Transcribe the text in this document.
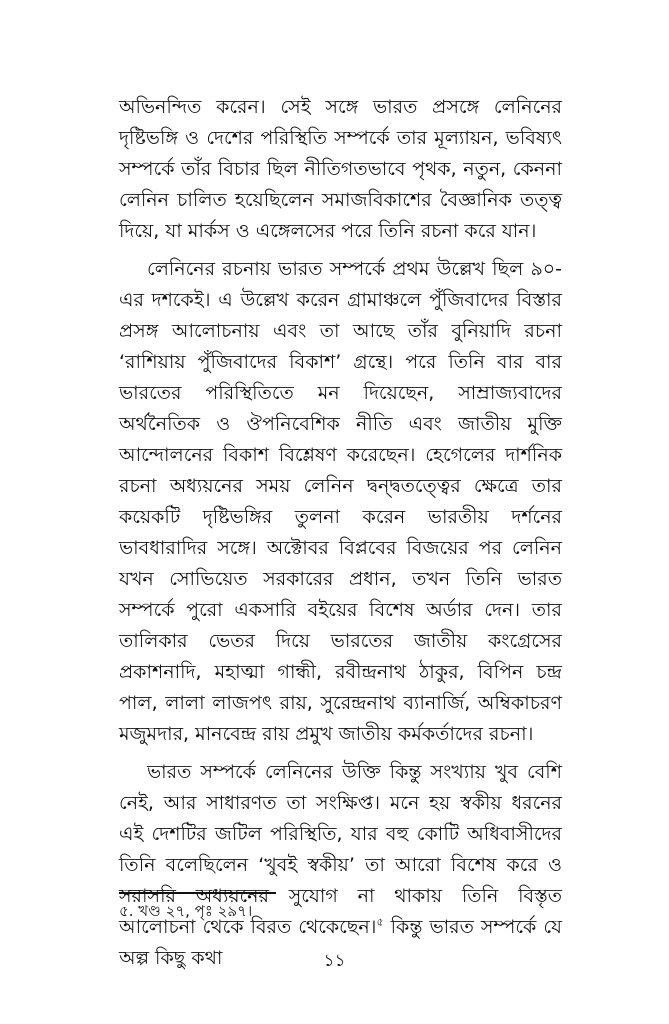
অভিনন্দিত করেন। সেই সঙ্গে ভারত প্রসঙ্গে লেনিনের দৃষ্টিভঙ্গি ও দেশের পরিস্থিতি সম্পর্কে তার মূল্যায়ন, ভবিষ্যৎ সম্পর্কে তাঁর বিচার ছিল নীতিগতভাবে পৃথক, নতুন, কেননা লেনিন চালিত হয়েছিলেন সমাজবিকাশের বৈজ্ঞানিক তত্ত্ব দিয়ে, যা মার্কস ও এঙ্গেলসের পরে তিনি রচনা করে যান।

লেনিনের রচনায় ভারত সম্পর্কে প্রথম উল্লেখ ছিল ৯০-এর দশকেই। এ উল্লেখ করেন গ্রামাঞ্চলে পুঁজিবাদের বিস্তার প্রসঙ্গ আলোচনায় এবং তা আছে তাঁর বুনিয়াদি রচনা ‘রাশিয়ায় পুঁজিবাদের বিকাশ’ গ্রন্থে। পরে তিনি বার বার ভারতের পরিস্থিতিতে মন দিয়েছেন, সাম্রাজ্যবাদের অর্থনৈতিক ও ঔপনিবেশিক নীতি এবং জাতীয় মুক্তি আন্দোলনের বিকাশ বিশ্লেষণ করেছেন। হেগেলের দার্শনিক রচনা অধ্যয়নের সময় লেনিন দ্বন্দ্বতত্ত্বের ক্ষেত্রে তার কয়েকটি দৃষ্টিভঙ্গির তুলনা করেন ভারতীয় দর্শনের ভাবধারাদির সঙ্গে। অক্টোবর বিপ্লবের বিজয়ের পর লেনিন যখন সোভিয়েত সরকারের প্রধান, তখন তিনি ভারত সম্পর্কে পুরো একসারি বইয়ের বিশেষ অর্ডার দেন। তার তালিকার ভেতর দিয়ে ভারতের জাতীয় কংগ্রেসের প্রকাশনাদি, মহাত্মা গান্ধী, রবীন্দ্রনাথ ঠাকুর, বিপিন চন্দ্র পাল, লালা লাজপৎ রায়, সুরেন্দ্রনাথ ব্যানার্জি, অম্বিকাচরণ মজুমদার, মানবেন্দ্র রায় প্রমুখ জাতীয় কর্মকর্তাদের রচনা।

ভারত সম্পর্কে লেনিনের উক্তি কিন্তু সংখ্যায় খুব বেশি নেই, আর সাধারণত তা সংক্ষিপ্ত। মনে হয় স্বকীয় ধরনের এই দেশটির জটিল পরিস্থিতি, যার বহু কোটি অধিবাসীদের তিনি বলেছিলেন ‘খুবই স্বকীয়’ তা আরো বিশেষ করে ও সরাসরি অধ্যয়নের সুযোগ না থাকায় তিনি বিস্তৃত আলোচনা থেকে বিরত থেকেছেন।$^৫$ কিন্তু ভারত সম্পর্কে যে অল্প কিছু কথা

৫. খণ্ড ২৭, পৃঃ ২৯৭।
১১
